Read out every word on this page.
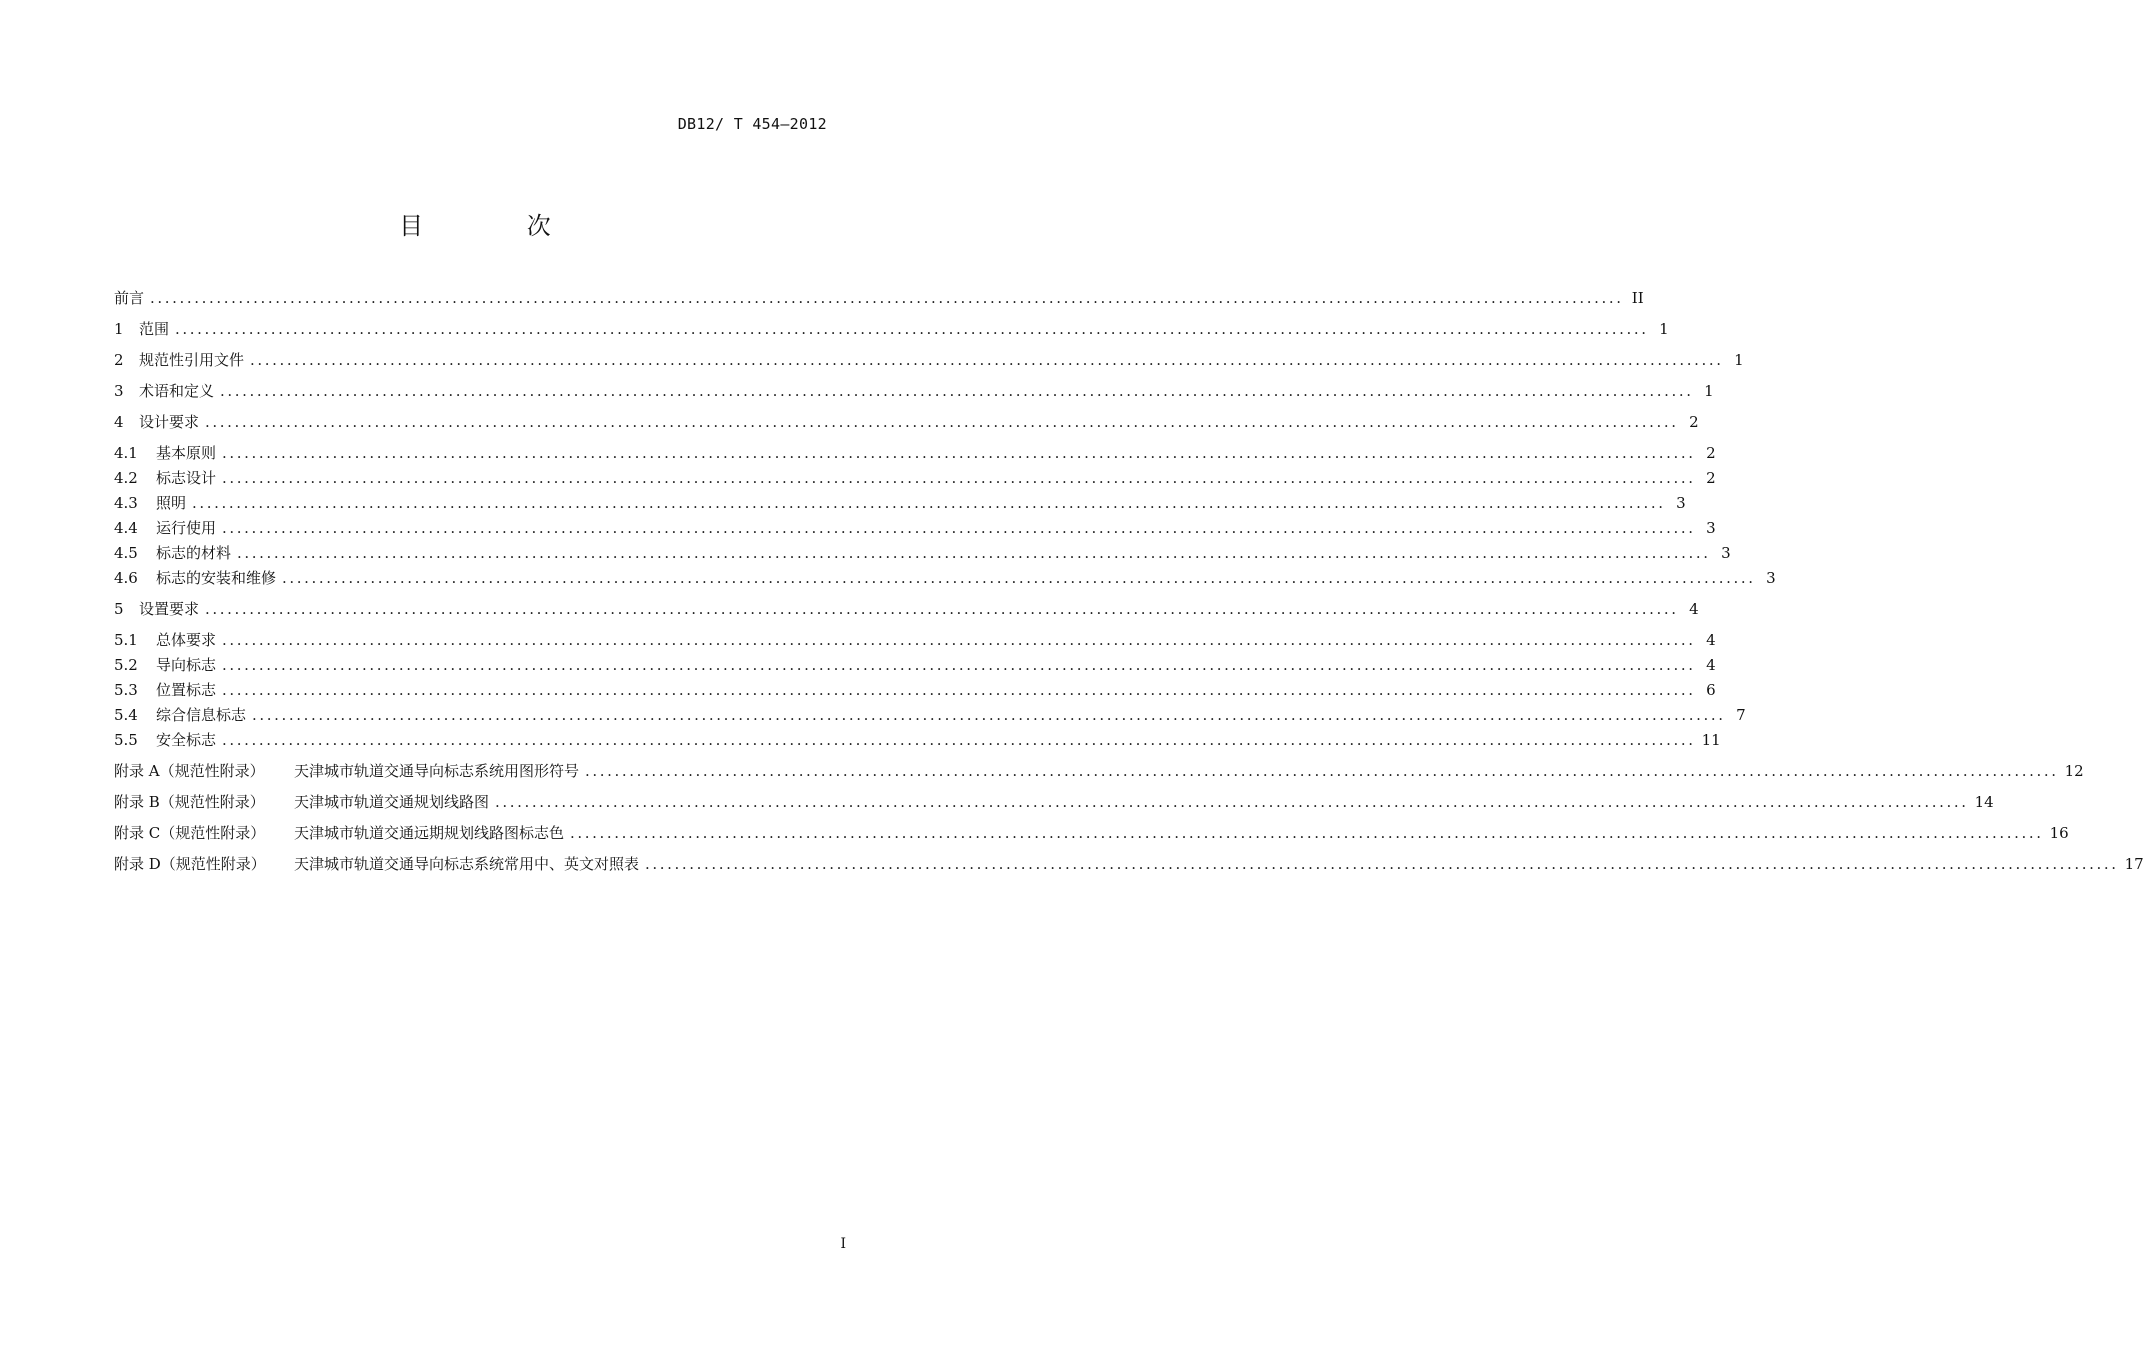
DB12/ T 454—2012
目 次
前言 ........................................................................................................................................................................................................ II
1	范围 ........................................................................................................................................................................................................ 1
2	规范性引用文件 ........................................................................................................................................................................................................ 1
3	术语和定义 ........................................................................................................................................................................................................ 1
4	设计要求 ........................................................................................................................................................................................................ 2
4.1	基本原则 ........................................................................................................................................................................................................ 2
4.2	标志设计 ........................................................................................................................................................................................................ 2
4.3	照明 ........................................................................................................................................................................................................ 3
4.4	运行使用 ........................................................................................................................................................................................................ 3
4.5	标志的材料 ........................................................................................................................................................................................................ 3
4.6	标志的安装和维修 ........................................................................................................................................................................................................ 3
5	设置要求 ........................................................................................................................................................................................................ 4
5.1	总体要求 ........................................................................................................................................................................................................ 4
5.2	导向标志 ........................................................................................................................................................................................................ 4
5.3	位置标志 ........................................................................................................................................................................................................ 6
5.4	综合信息标志 ........................................................................................................................................................................................................ 7
5.5	安全标志 ........................................................................................................................................................................................................ 11
附录 A（规范性附录）	天津城市轨道交通导向标志系统用图形符号 ........................................................................................................................................................................................................ 12
附录 B（规范性附录）	天津城市轨道交通规划线路图 ........................................................................................................................................................................................................ 14
附录 C（规范性附录）	天津城市轨道交通远期规划线路图标志色 ........................................................................................................................................................................................................ 16
附录 D（规范性附录）	天津城市轨道交通导向标志系统常用中、英文对照表 ........................................................................................................................................................................................................ 17
I
